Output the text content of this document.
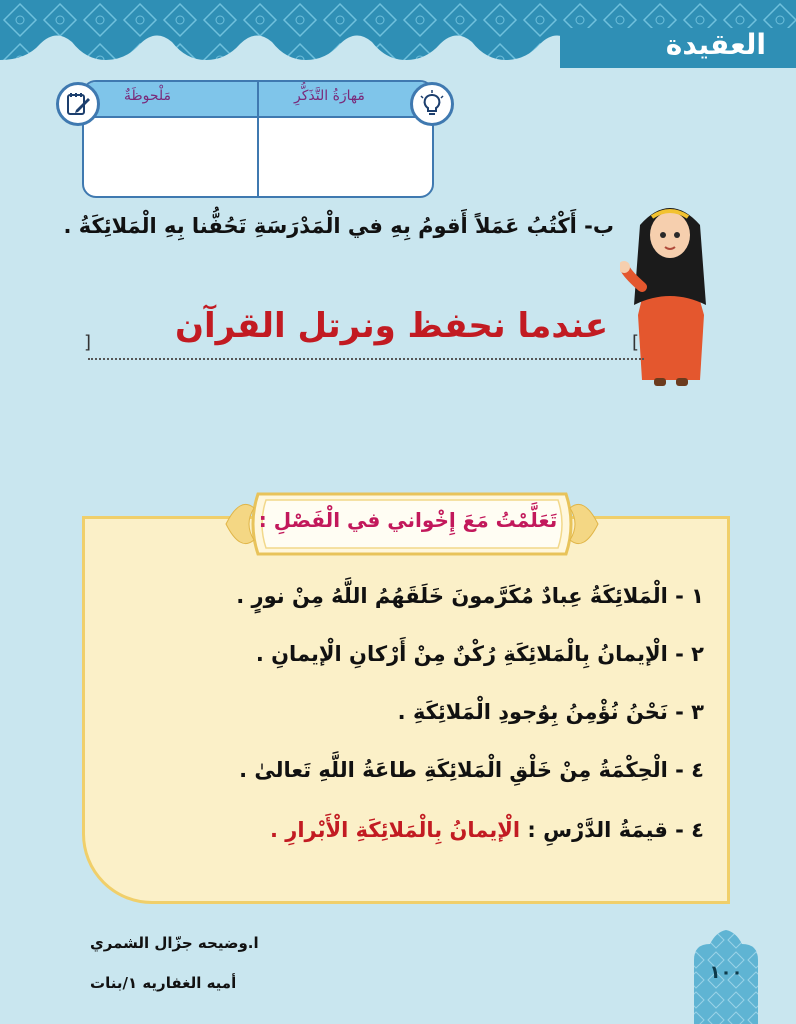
العقيدة
مَهارَةُ التَّذَكُّرِ
مَلْحوظَةٌ

ب- أَكْتُبُ عَمَلاً أَقومُ بِهِ في الْمَدْرَسَةِ تَحُفُّنا بِهِ الْمَلائِكَةُ .

]	[

عندما نحفظ ونرتل القرآن

تَعَلَّمْتُ مَعَ إِخْواني في الْفَصْلِ :

١ - الْمَلائِكَةُ عِبادٌ مُكَرَّمونَ خَلَقَهُمُ اللَّهُ مِنْ نورٍ .

٢ - الْإيمانُ بِالْمَلائِكَةِ رُكْنٌ مِنْ أَرْكانِ الْإيمانِ .

٣ - نَحْنُ نُؤْمِنُ بِوُجودِ الْمَلائِكَةِ .

٤ - الْحِكْمَةُ مِنْ خَلْقِ الْمَلائِكَةِ طاعَةُ اللَّهِ تَعالىٰ .

٤ - قيمَةُ الدَّرْسِ : الْإيمانُ بِالْمَلائِكَةِ الْأَبْرارِ .

ا.وضيحه جزّال الشمري

أميه الغفاريه ١/بنات	١٠٠
